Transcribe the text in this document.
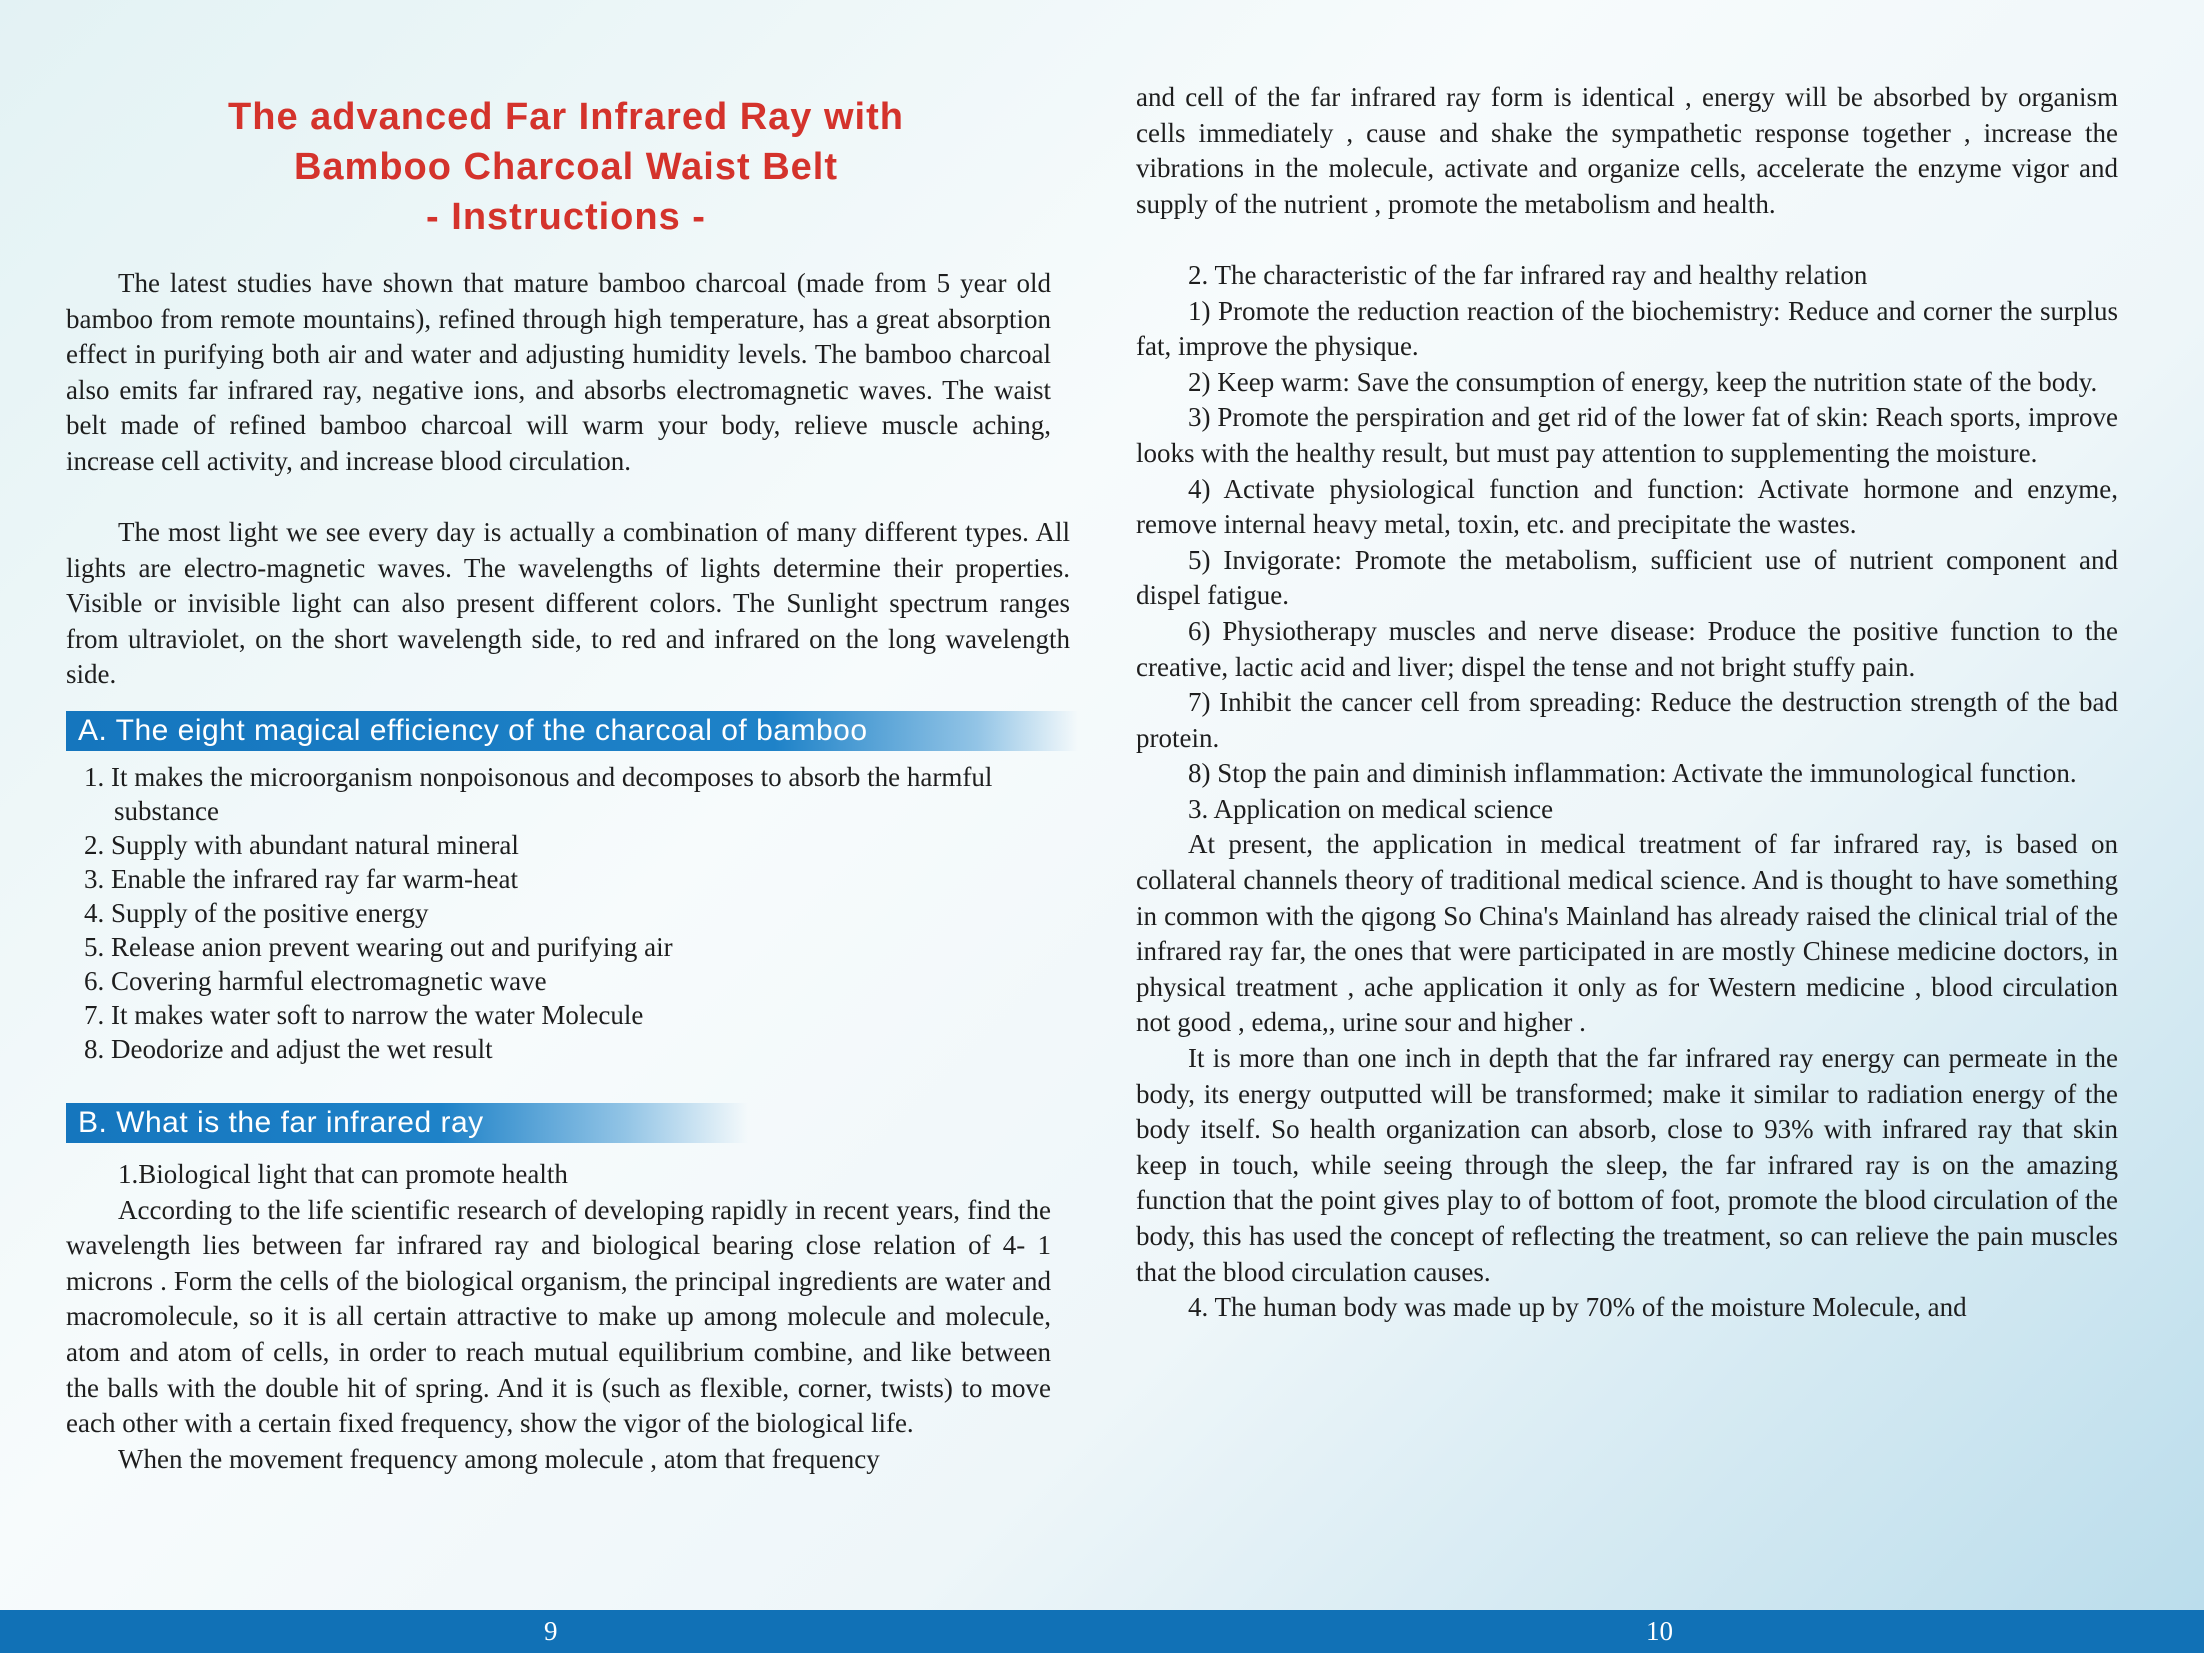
The advanced Far Infrared Ray with
Bamboo Charcoal Waist Belt
- Instructions -

The latest studies have shown that mature bamboo charcoal (made from 5 year old bamboo from remote mountains), refined through high temperature, has a great absorption effect in purifying both air and water and adjusting humidity levels. The bamboo charcoal also emits far infrared ray, negative ions, and absorbs electromagnetic waves. The waist belt made of refined bamboo charcoal will warm your body, relieve muscle aching, increase cell activity, and increase blood circulation.

The most light we see every day is actually a combination of many different types. All lights are electro-magnetic waves. The wavelengths of lights determine their properties. Visible or invisible light can also present different colors. The Sunlight spectrum ranges from ultraviolet, on the short wavelength side, to red and infrared on the long wavelength side.

A. The eight magical efficiency of the charcoal of bamboo
1. It makes the microorganism nonpoisonous and decomposes to absorb the harmful substance
2. Supply with abundant natural mineral
3. Enable the infrared ray far warm-heat
4. Supply of the positive energy
5. Release anion prevent wearing out and purifying air
6. Covering harmful electromagnetic wave
7. It makes water soft to narrow the water Molecule
8. Deodorize and adjust the wet result
B. What is the far infrared ray

1.Biological light that can promote health

According to the life scientific research of developing rapidly in recent years, find the wavelength lies between far infrared ray and biological bearing close relation of 4- 1 microns . Form the cells of the biological organism, the principal ingredients are water and macromolecule, so it is all certain attractive to make up among molecule and molecule, atom and atom of cells, in order to reach mutual equilibrium combine, and like between the balls with the double hit of spring. And it is (such as flexible, corner, twists) to move each other with a certain fixed frequency, show the vigor of the biological life.

When the movement frequency among molecule , atom that frequency

and cell of the far infrared ray form is identical , energy will be absorbed by organism cells immediately , cause and shake the sympathetic response together , increase the vibrations in the molecule, activate and organize cells, accelerate the enzyme vigor and supply of the nutrient , promote the metabolism and health.

2. The characteristic of the far infrared ray and healthy relation

1) Promote the reduction reaction of the biochemistry: Reduce and corner the surplus fat, improve the physique.

2) Keep warm: Save the consumption of energy, keep the nutrition state of the body.

3) Promote the perspiration and get rid of the lower fat of skin: Reach sports, improve looks with the healthy result, but must pay attention to supplementing the moisture.

4) Activate physiological function and function: Activate hormone and enzyme, remove internal heavy metal, toxin, etc. and precipitate the wastes.

5) Invigorate: Promote the metabolism, sufficient use of nutrient component and dispel fatigue.

6) Physiotherapy muscles and nerve disease: Produce the positive function to the creative, lactic acid and liver; dispel the tense and not bright stuffy pain.

7) Inhibit the cancer cell from spreading: Reduce the destruction strength of the bad protein.

8) Stop the pain and diminish inflammation: Activate the immunological function.

3. Application on medical science

At present, the application in medical treatment of far infrared ray, is based on collateral channels theory of traditional medical science. And is thought to have something in common with the qigong So China's Mainland has already raised the clinical trial of the infrared ray far, the ones that were participated in are mostly Chinese medicine doctors, in physical treatment , ache application it only as for Western medicine , blood circulation not good , edema,, urine sour and higher .

It is more than one inch in depth that the far infrared ray energy can permeate in the body, its energy outputted will be transformed; make it similar to radiation energy of the body itself. So health organization can absorb, close to 93% with infrared ray that skin keep in touch, while seeing through the sleep, the far infrared ray is on the amazing function that the point gives play to of bottom of foot, promote the blood circulation of the body, this has used the concept of reflecting the treatment, so can relieve the pain muscles that the blood circulation causes.

4. The human body was made up by 70% of the moisture Molecule, and

9	10
